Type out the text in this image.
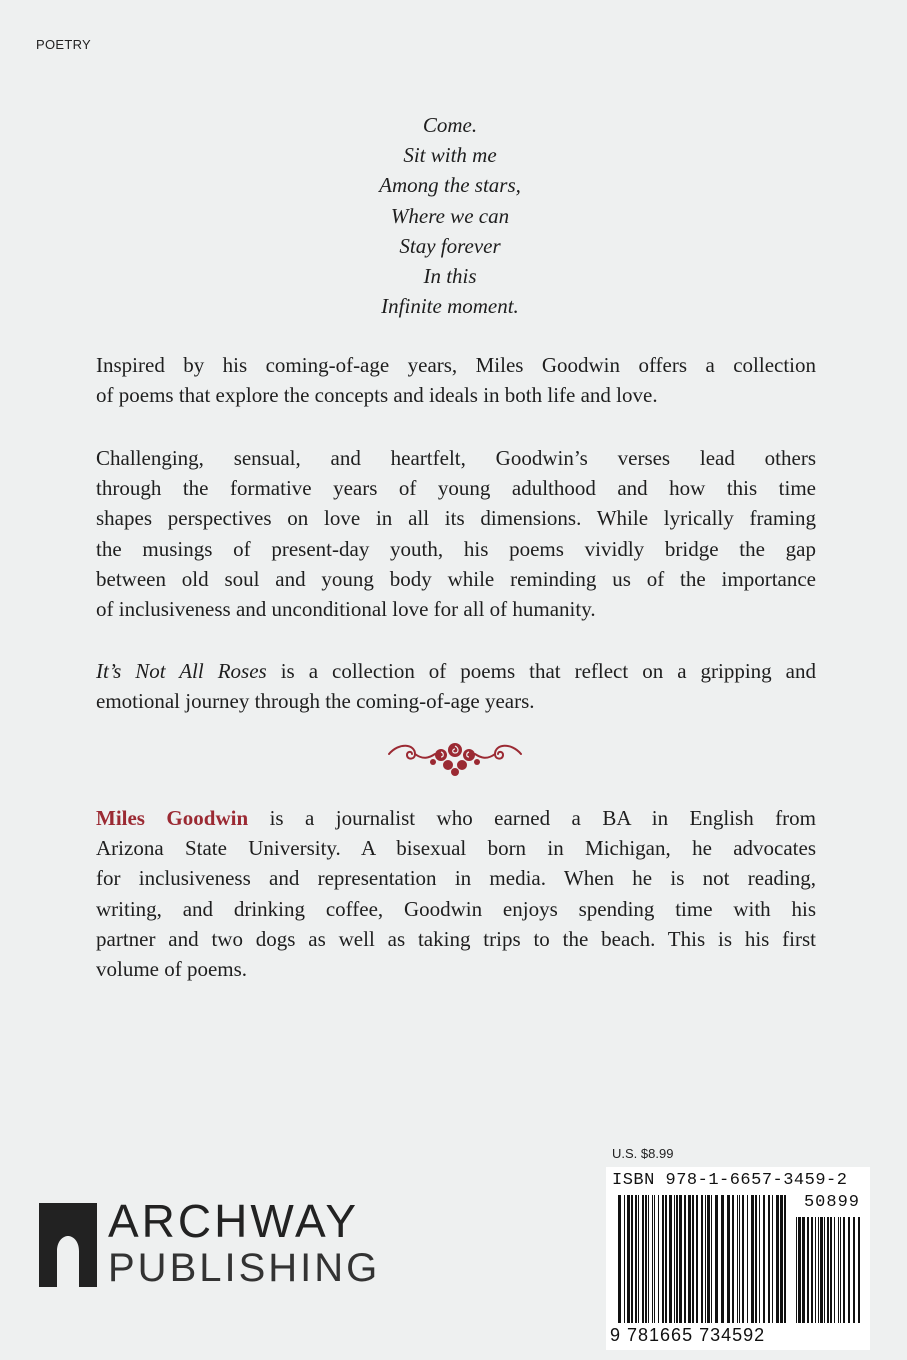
POETRY
Come.
Sit with me
Among the stars,
Where we can
Stay forever
In this
Infinite moment.

Inspired by his coming-of-age years, Miles Goodwin offers a collection
of poems that explore the concepts and ideals in both life and love.

Challenging, sensual, and heartfelt, Goodwin’s verses lead others
through the formative years of young adulthood and how this time
shapes perspectives on love in all its dimensions. While lyrically framing
the musings of present-day youth, his poems vividly bridge the gap
between old soul and young body while reminding us of the importance
of inclusiveness and unconditional love for all of humanity.

It’s Not All Roses is a collection of poems that reflect on a gripping and
emotional journey through the coming-of-age years.

Miles Goodwin is a journalist who earned a BA in English from
Arizona State University. A bisexual born in Michigan, he advocates
for inclusiveness and representation in media. When he is not reading,
writing, and drinking coffee, Goodwin enjoys spending time with his
partner and two dogs as well as taking trips to the beach. This is his first
volume of poems.

U.S. $8.99
ISBN 978-1-6657-3459-2
50899
9 781665 734592
ARCHWAY
PUBLISHING
